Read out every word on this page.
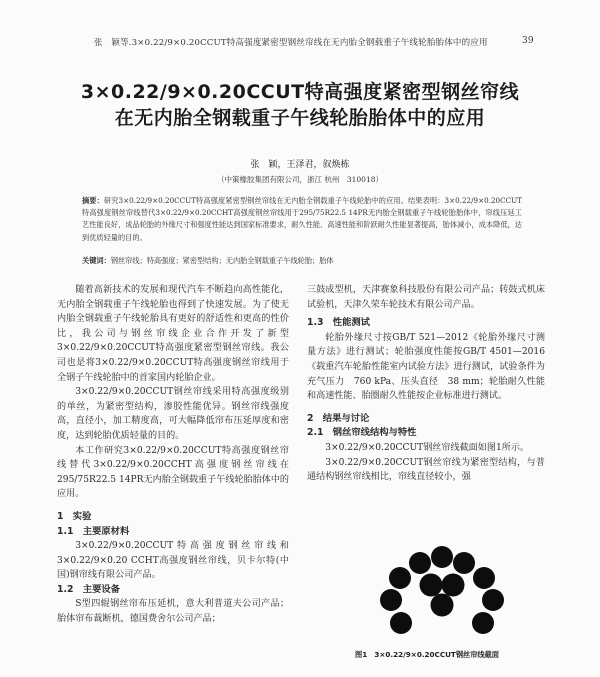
张　颖等.3×0.22/9×0.20CCUT特高强度紧密型钢丝帘线在无内胎全钢载重子午线轮胎胎体中的应用	39
3×0.22/9×0.20CCUT特高强度紧密型钢丝帘线
在无内胎全钢载重子午线轮胎胎体中的应用
张　颖，王泽君，叙焕栋
（中策橡胶集团有限公司，浙江 杭州　310018）
摘要：研究3×0.22/9×0.20CCUT特高强度紧密型钢丝帘线在无内胎全钢载重子午线轮胎中的应用。结果表明：3×0.22/9×0.20CCUT特高强度钢丝帘线替代3×0.22/9×0.20CCHT高强度钢丝帘线用于295/75R22.5 14PR无内胎全钢载重子午线轮胎胎体中，帘线压延工艺性能良好，成品轮胎的外缘尺寸和强度性能达到国家标准要求，耐久性能、高速性能和阶跃耐久性能显著提高，胎体减小，成本降低，达到优质轻量的目的。
关键词：钢丝帘线；特高强度；紧密型结构；无内胎全钢载重子午线轮胎；胎体

随着高新技术的发展和现代汽车不断趋向高性能化，无内胎全钢载重子午线轮胎也得到了快速发展。为了使无内胎全钢载重子午线轮胎具有更好的舒适性和更高的性价比，我公司与钢丝帘线企业合作开发了新型3×0.22/9×0.20CCUT特高强度紧密型钢丝帘线。我公司也是将3×0.22/9×0.20CCUT特高强度钢丝帘线用于全钢子午线轮胎中的首家国内轮胎企业。

3×0.22/9×0.20CCUT钢丝帘线采用特高强度级别的单丝，为紧密型结构，渗胶性能优异。钢丝帘线强度高，直径小，加工精度高，可大幅降低帘布压延厚度和密度，达到轮胎优质轻量的目的。

本工作研究3×0.22/9×0.20CCUT特高强度钢丝帘线替代3×0.22/9×0.20CCHT高强度钢丝帘线在295/75R22.5 14PR无内胎全钢载重子午线轮胎胎体中的应用。

1　实验

1.1　主要原材料

3×0.22/9×0.20CCUT特高强度钢丝帘线和3×0.22/9×0.20 CCHT高强度钢丝帘线，贝卡尔特(中国)钢帘线有限公司产品。

1.2　主要设备

S型四辊钢丝帘布压延机，意大利普道夫公司产品；胎体帘布裁断机，德国费舍尔公司产品；

三鼓成型机，天津赛象科技股份有限公司产品；转鼓式机床试验机，天津久荣车轮技术有限公司产品。

1.3　性能测试

轮胎外缘尺寸按GB/T 521—2012《轮胎外缘尺寸测量方法》进行测试；轮胎强度性能按GB/T 4501—2016《载重汽车轮胎性能室内试验方法》进行测试，试验条件为充气压力　760 kPa、压头直径　38 mm；轮胎耐久性能和高速性能、胎圈耐久性能按企业标准进行测试。

2　结果与讨论

2.1　钢丝帘线结构与特性

3×0.22/9×0.20CCUT钢丝帘线截面如图1所示。

3×0.22/9×0.20CCUT钢丝帘线为紧密型结构，与普通结构钢丝帘线相比，帘线直径较小，强

图1　3×0.22/9×0.20CCUT钢丝帘线截面
